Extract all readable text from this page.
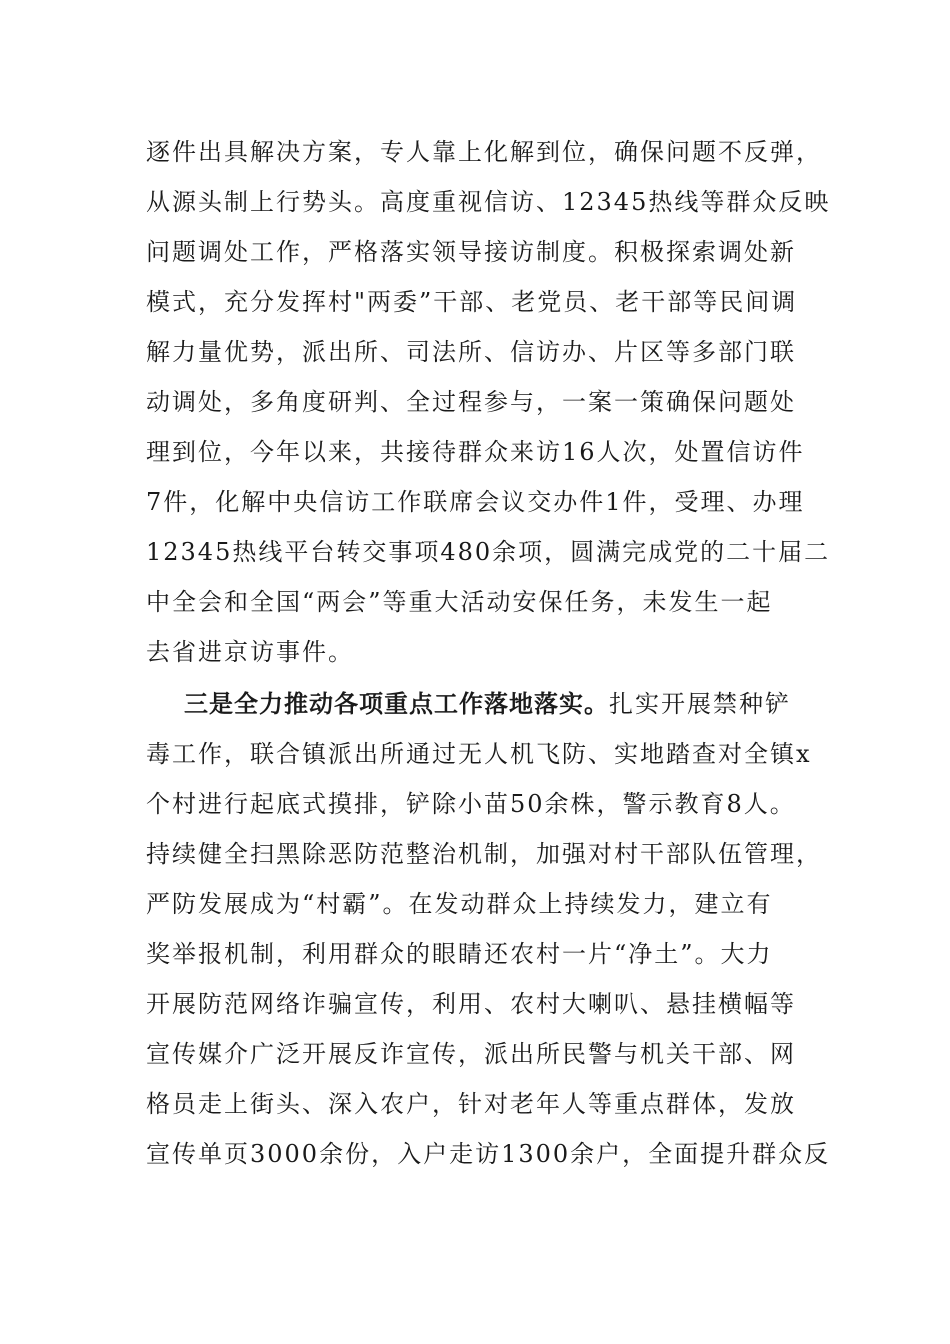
逐件出具解决方案，专人靠上化解到位，确保问题不反弹，
从源头制上行势头。高度重视信访、12345热线等群众反映
问题调处工作，严格落实领导接访制度。积极探索调处新
模式，充分发挥村"两委”干部、老党员、老干部等民间调
解力量优势，派出所、司法所、信访办、片区等多部门联
动调处，多角度研判、全过程参与，一案一策确保问题处
理到位，今年以来，共接待群众来访16人次，处置信访件
7件，化解中央信访工作联席会议交办件1件，受理、办理
12345热线平台转交事项480余项，圆满完成党的二十届二
中全会和全国“两会”等重大活动安保任务，未发生一起
去省进京访事件。
三是全力推动各项重点工作落地落实。扎实开展禁种铲
毒工作，联合镇派出所通过无人机飞防、实地踏查对全镇x
个村进行起底式摸排，铲除小苗50余株，警示教育8人。
持续健全扫黑除恶防范整治机制，加强对村干部队伍管理，
严防发展成为“村霸”。在发动群众上持续发力，建立有
奖举报机制，利用群众的眼睛还农村一片“净土”。大力
开展防范网络诈骗宣传，利用、农村大喇叭、悬挂横幅等
宣传媒介广泛开展反诈宣传，派出所民警与机关干部、网
格员走上街头、深入农户，针对老年人等重点群体，发放
宣传单页3000余份，入户走访1300余户，全面提升群众反
